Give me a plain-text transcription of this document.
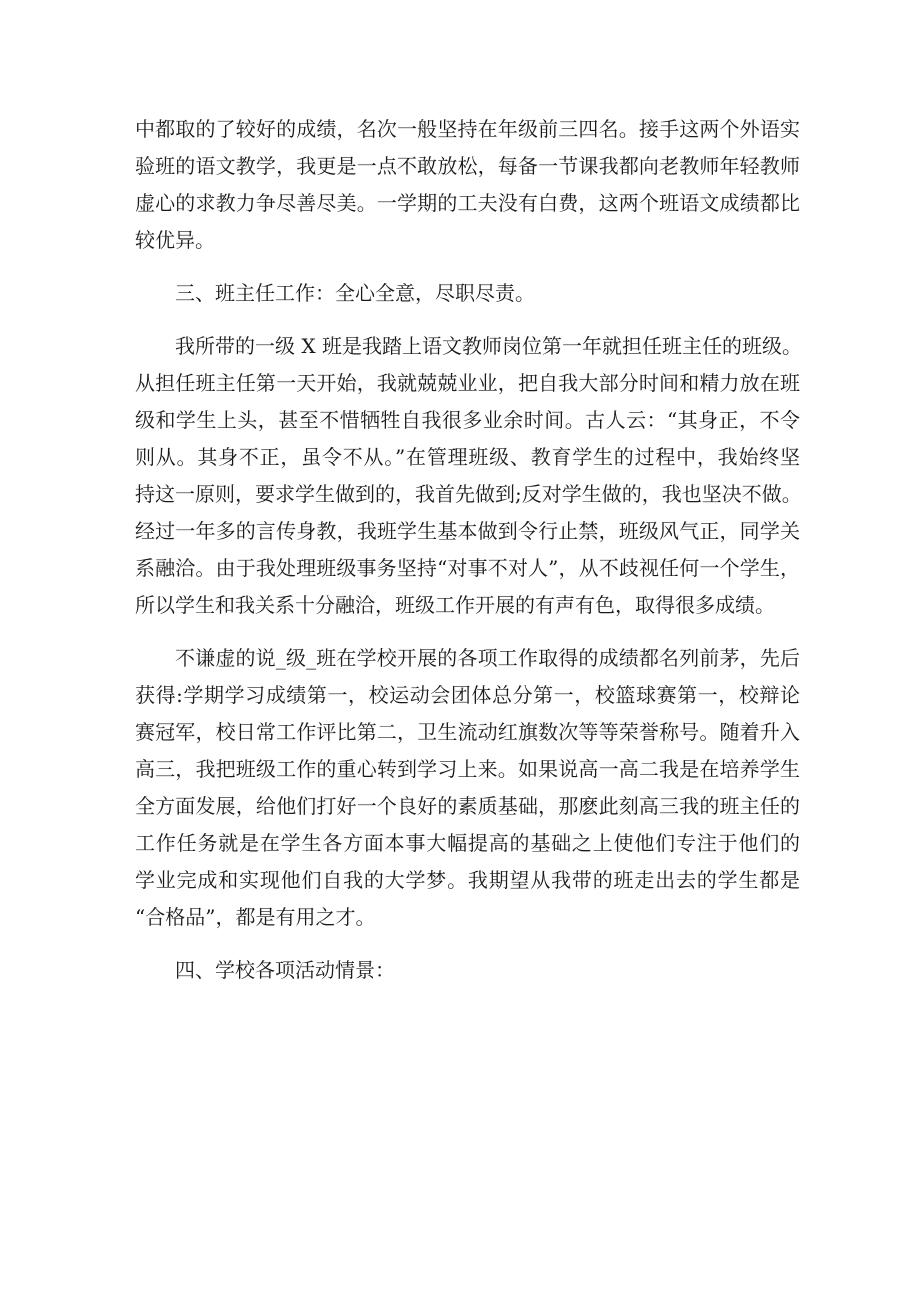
中都取的了较好的成绩，名次一般坚持在年级前三四名。接手这两个外语实
验班的语文教学，我更是一点不敢放松，每备一节课我都向老教师年轻教师
虚心的求教力争尽善尽美。一学期的工夫没有白费，这两个班语文成绩都比
较优异。
三、班主任工作：全心全意，尽职尽责。
我所带的一级 X 班是我踏上语文教师岗位第一年就担任班主任的班级。
从担任班主任第一天开始，我就兢兢业业，把自我大部分时间和精力放在班
级和学生上头，甚至不惜牺牲自我很多业余时间。古人云：“其身正，不令
则从。其身不正，虽令不从。”在管理班级、教育学生的过程中，我始终坚
持这一原则，要求学生做到的，我首先做到;反对学生做的，我也坚决不做。
经过一年多的言传身教，我班学生基本做到令行止禁，班级风气正，同学关
系融洽。由于我处理班级事务坚持“对事不对人”，从不歧视任何一个学生，
所以学生和我关系十分融洽，班级工作开展的有声有色，取得很多成绩。
不谦虚的说_级_班在学校开展的各项工作取得的成绩都名列前茅，先后
获得:学期学习成绩第一，校运动会团体总分第一，校篮球赛第一，校辩论
赛冠军，校日常工作评比第二，卫生流动红旗数次等等荣誉称号。随着升入
高三，我把班级工作的重心转到学习上来。如果说高一高二我是在培养学生
全方面发展，给他们打好一个良好的素质基础，那麽此刻高三我的班主任的
工作任务就是在学生各方面本事大幅提高的基础之上使他们专注于他们的
学业完成和实现他们自我的大学梦。我期望从我带的班走出去的学生都是
“合格品”，都是有用之才。
四、学校各项活动情景：
